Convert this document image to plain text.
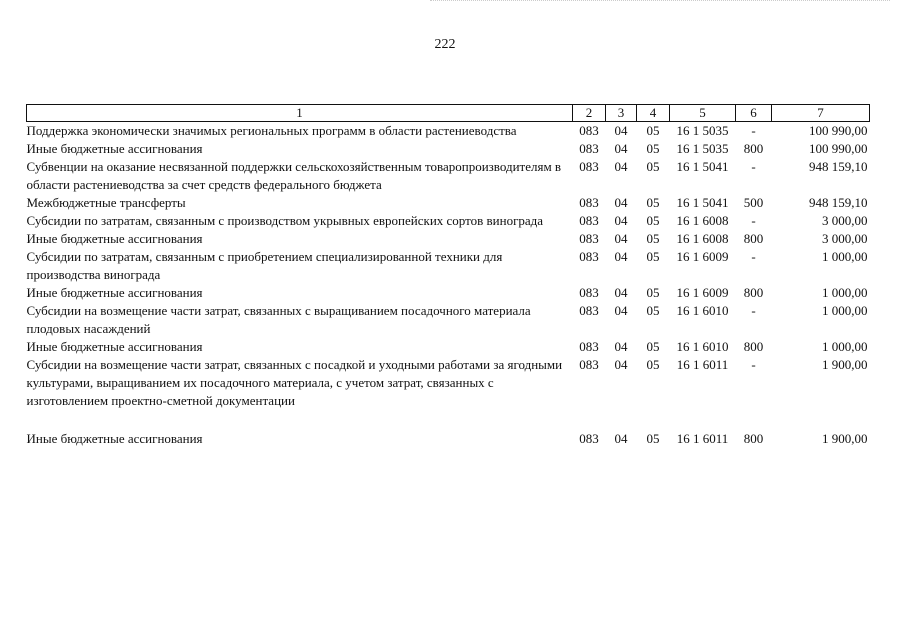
222
1	2	3	4	5	6	7
Поддержка экономически значимых региональных программ в области растениеводства	083	04	05	16 1 5035	-	100 990,00
Иные бюджетные ассигнования	083	04	05	16 1 5035	800	100 990,00
Субвенции на оказание несвязанной поддержки сельскохозяйственным товаропроизводителям в области растениеводства за счет средств федерального бюджета	083	04	05	16 1 5041	-	948 159,10
Межбюджетные трансферты	083	04	05	16 1 5041	500	948 159,10
Субсидии по затратам, связанным с производством укрывных европейских сортов винограда	083	04	05	16 1 6008	-	3 000,00
Иные бюджетные ассигнования	083	04	05	16 1 6008	800	3 000,00
Субсидии по затратам, связанным с приобретением специализированной техники для производства винограда	083	04	05	16 1 6009	-	1 000,00
Иные бюджетные ассигнования	083	04	05	16 1 6009	800	1 000,00
Субсидии на возмещение части затрат, связанных с выращиванием посадочного материала плодовых насаждений	083	04	05	16 1 6010	-	1 000,00
Иные бюджетные ассигнования	083	04	05	16 1 6010	800	1 000,00
Субсидии на возмещение части затрат, связанных с посадкой и уходными работами за ягодными культурами, выращиванием их посадочного материала, с учетом затрат, связанных с изготовлением проектно-сметной документации	083	04	05	16 1 6011	-	1 900,00
Иные бюджетные ассигнования	083	04	05	16 1 6011	800	1 900,00
